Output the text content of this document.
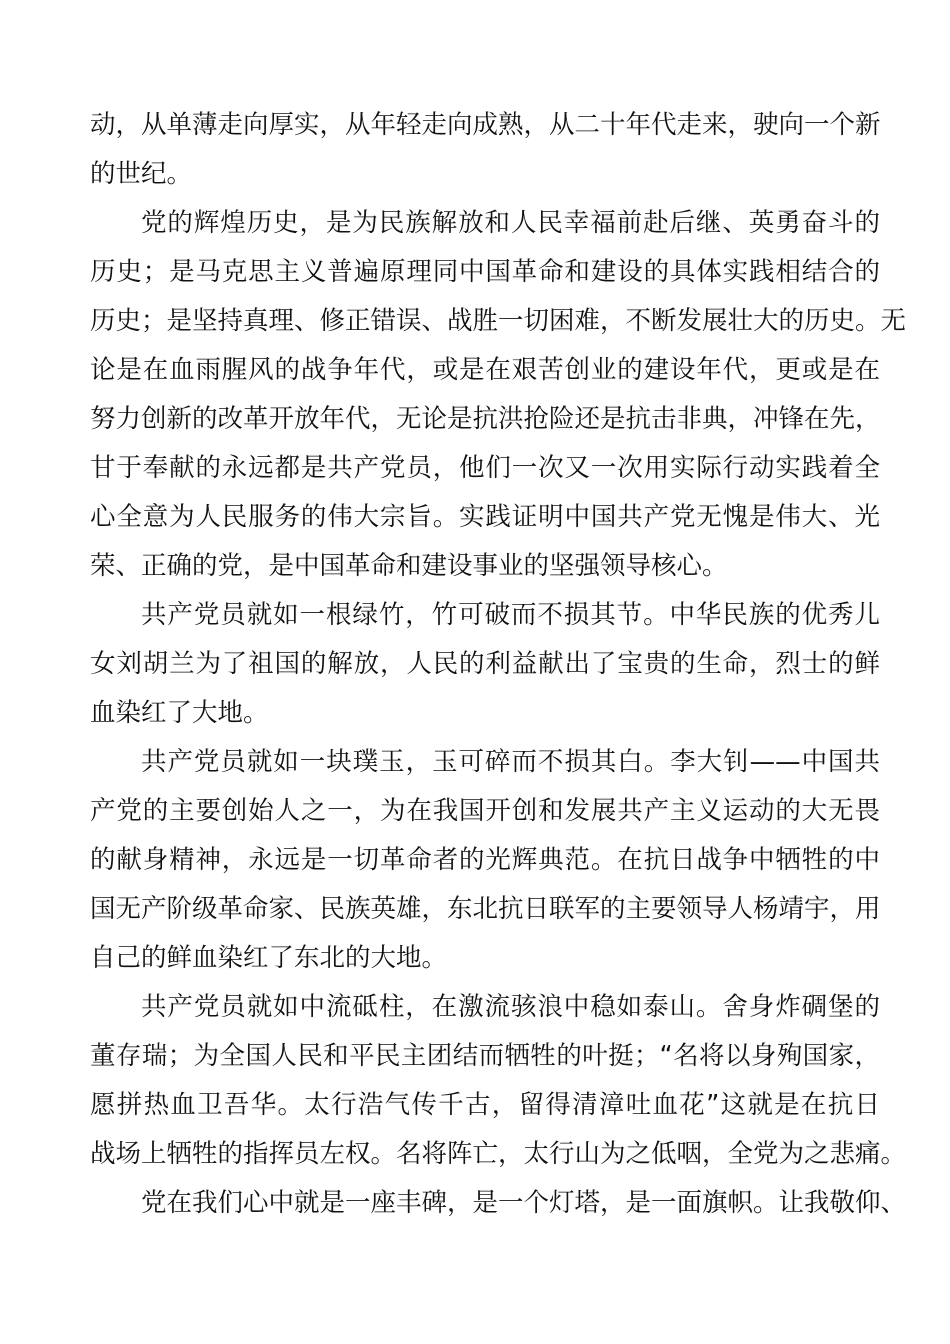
动，从单薄走向厚实，从年轻走向成熟，从二十年代走来，驶向一个新
的世纪。
党的辉煌历史，是为民族解放和人民幸福前赴后继、英勇奋斗的
历史；是马克思主义普遍原理同中国革命和建设的具体实践相结合的
历史；是坚持真理、修正错误、战胜一切困难，不断发展壮大的历史。无
论是在血雨腥风的战争年代，或是在艰苦创业的建设年代，更或是在
努力创新的改革开放年代，无论是抗洪抢险还是抗击非典，冲锋在先，
甘于奉献的永远都是共产党员，他们一次又一次用实际行动实践着全
心全意为人民服务的伟大宗旨。实践证明中国共产党无愧是伟大、光
荣、正确的党，是中国革命和建设事业的坚强领导核心。
共产党员就如一根绿竹，竹可破而不损其节。中华民族的优秀儿
女刘胡兰为了祖国的解放，人民的利益献出了宝贵的生命，烈士的鲜
血染红了大地。
共产党员就如一块璞玉，玉可碎而不损其白。李大钊——中国共
产党的主要创始人之一，为在我国开创和发展共产主义运动的大无畏
的献身精神，永远是一切革命者的光辉典范。在抗日战争中牺牲的中
国无产阶级革命家、民族英雄，东北抗日联军的主要领导人杨靖宇，用
自己的鲜血染红了东北的大地。
共产党员就如中流砥柱，在激流骇浪中稳如泰山。舍身炸碉堡的
董存瑞；为全国人民和平民主团结而牺牲的叶挺；“名将以身殉国家，
愿拼热血卫吾华。太行浩气传千古，留得清漳吐血花”这就是在抗日
战场上牺牲的指挥员左权。名将阵亡，太行山为之低咽，全党为之悲痛。
党在我们心中就是一座丰碑，是一个灯塔，是一面旗帜。让我敬仰、
